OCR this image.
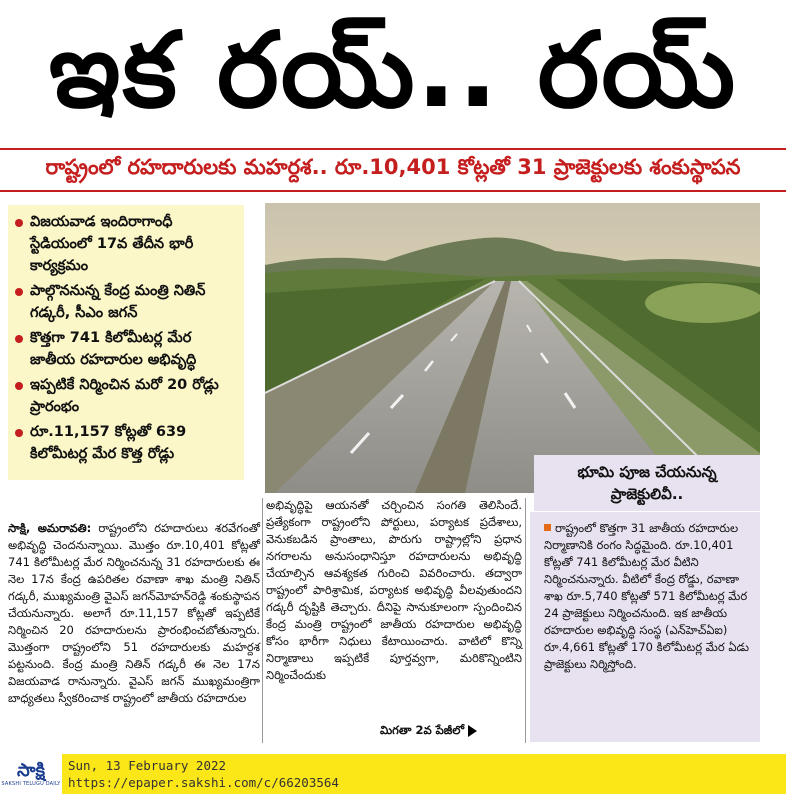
ఇక రయ్.. రయ్
రాష్ట్రంలో రహదారులకు మహర్దశ.. రూ.10,401 కోట్లతో 31 ప్రాజెక్టులకు శంకుస్థాపన
విజయవాడ ఇందిరాగాంధీ స్టేడియంలో 17వ తేదీన భారీ కార్యక్రమం
పాల్గొననున్న కేంద్ర మంత్రి నితిన్ గడ్కరీ, సీఎం జగన్
కొత్తగా 741 కిలోమీటర్ల మేర జాతీయ రహదారుల అభివృద్ధి
ఇప్పటికే నిర్మించిన మరో 20 రోడ్లు ప్రారంభం
రూ.11,157 కోట్లతో 639 కిలోమీటర్ల మేర కొత్త రోడ్లు
భూమి పూజ చేయనున్న ప్రాజెక్టులివీ..
సాక్షి, అమరావతి: రాష్ట్రంలోని రహదారులు శరవేగంతో అభివృద్ధి చెందనున్నాయి. మొత్తం రూ.10,401 కోట్లతో 741 కిలోమీటర్ల మేర నిర్మించనున్న 31 రహదారులకు ఈ నెల 17న కేంద్ర ఉపరితల రవాణా శాఖ మంత్రి నితిన్ గడ్కరీ, ముఖ్యమంత్రి వైఎస్ జగన్‌మోహన్‌రెడ్డి శంకుస్థాపన చేయనున్నారు. అలాగే రూ.11,157 కోట్లతో ఇప్పటికే నిర్మించిన 20 రహదారులను ప్రారంభించబోతున్నారు. మొత్తంగా రాష్ట్రంలోని 51 రహదారులకు మహర్దశ పట్టనుంది. కేంద్ర మంత్రి నితిన్ గడ్కరీ ఈ నెల 17న విజయవాడ రానున్నారు. వైఎస్ జగన్ ముఖ్యమంత్రిగా బాధ్యతలు స్వీకరించాక రాష్ట్రంలో జాతీయ రహదారుల
అభివృద్ధిపై ఆయనతో చర్చించిన సంగతి తెలిసిందే. ప్రత్యేకంగా రాష్ట్రంలోని పోర్టులు, పర్యాటక ప్రదేశాలు, వెనుకబడిన ప్రాంతాలు, పొరుగు రాష్ట్రాల్లోని ప్రధాన నగరాలను అనుసంధానిస్తూ రహదారులను అభివృద్ధి చేయాల్సిన ఆవశ్యకత గురించి వివరించారు. తద్వారా రాష్ట్రంలో పారిశ్రామిక, పర్యాటక అభివృద్ధి వీలవుతుందని గడ్కరీ దృష్టికి తెచ్చారు. దీనిపై సానుకూలంగా స్పందించిన కేంద్ర మంత్రి రాష్ట్రంలో జాతీయ రహదారుల అభివృద్ధి కోసం భారీగా నిధులు కేటాయించారు. వాటిలో కొన్ని నిర్మాణాలు ఇప్పటికే పూర్తవ్వగా, మరికొన్నింటిని నిర్మించేందుకు
మిగతా 2వ పేజీలో
రాష్ట్రంలో కొత్తగా 31 జాతీయ రహదారుల నిర్మాణానికి రంగం సిద్ధమైంది. రూ.10,401 కోట్లతో 741 కిలోమీటర్ల మేర వీటిని నిర్మించనున్నారు. వీటిలో కేంద్ర రోడ్డు, రవాణా శాఖ రూ.5,740 కోట్లతో 571 కిలోమీటర్ల మేర 24 ప్రాజెక్టులు నిర్మించనుంది. ఇక జాతీయ రహదారుల అభివృద్ధి సంస్థ (ఎన్‌హెచ్‌ఏఐ) రూ.4,661 కోట్లతో 170 కిలోమీటర్ల మేర ఏడు ప్రాజెక్టులు నిర్మిస్తోంది.
సాక్షి
SAKSHI TELUGU DAILY
Sun, 13 February 2022
https://epaper.sakshi.com/c/66203564
